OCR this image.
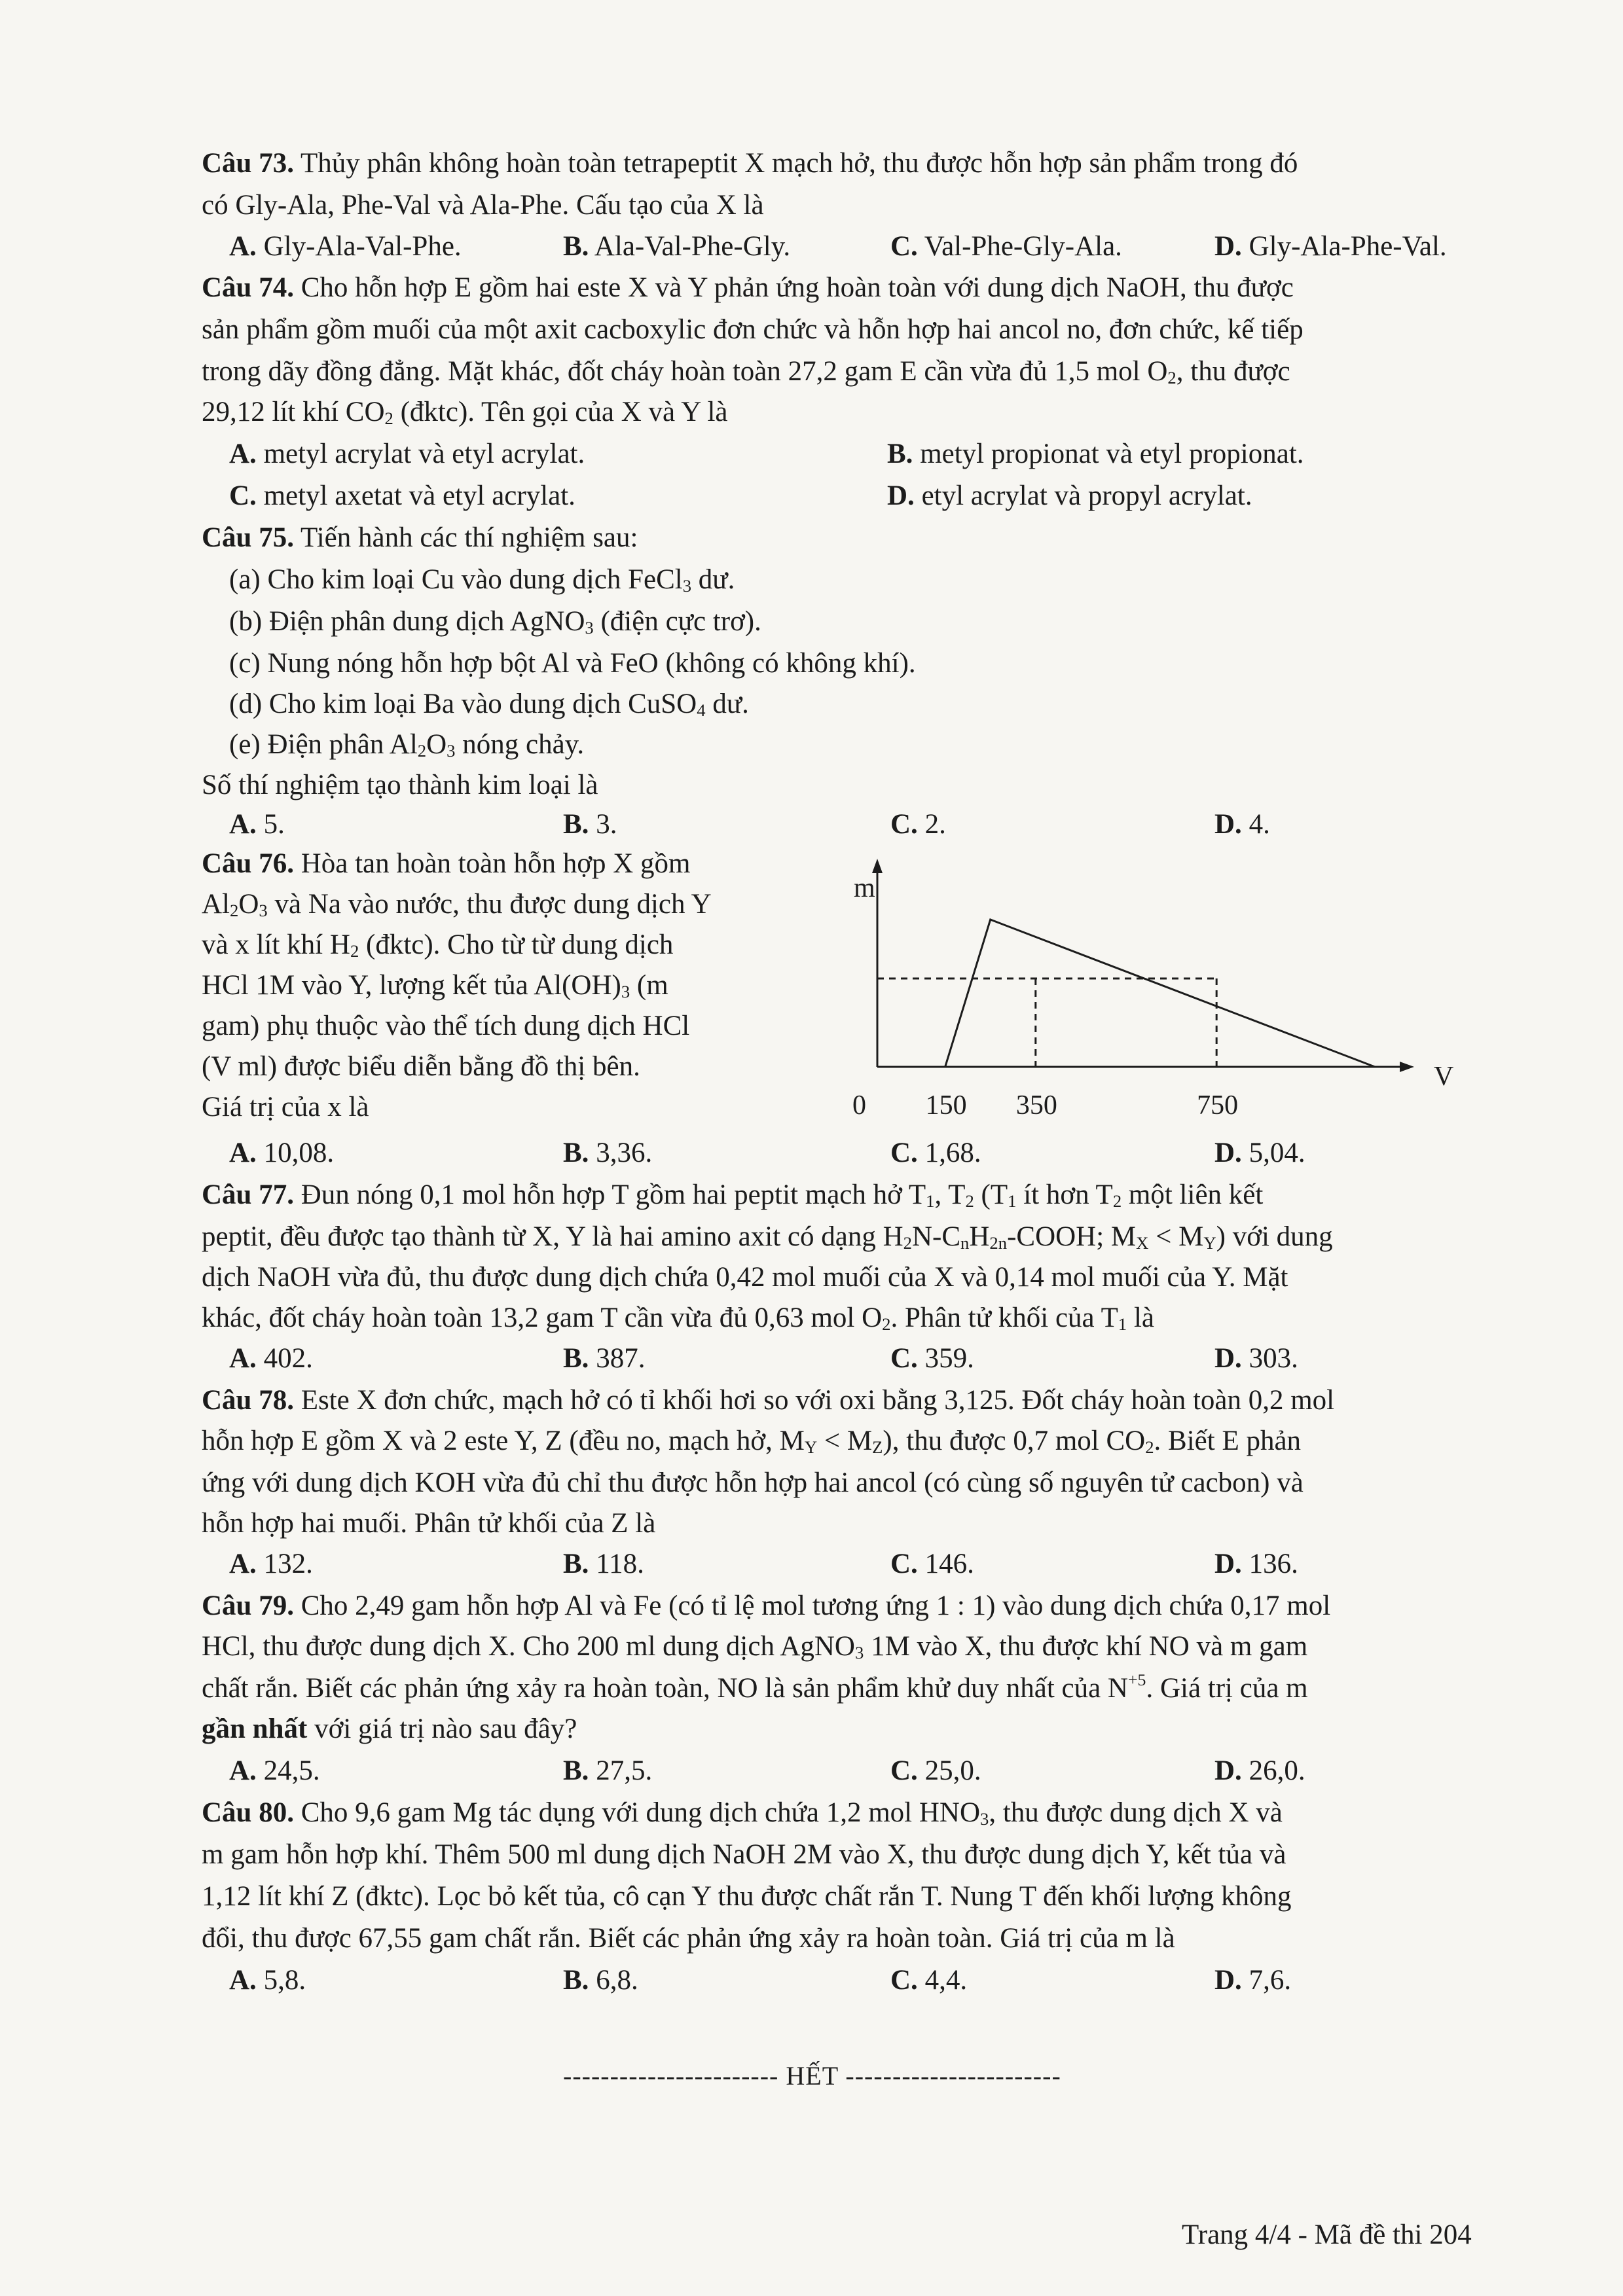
Câu 73. Thủy phân không hoàn toàn tetrapeptit X mạch hở, thu được hỗn hợp sản phẩm trong đó
có Gly-Ala, Phe-Val và Ala-Phe. Cấu tạo của X là
A. Gly-Ala-Val-Phe.	B. Ala-Val-Phe-Gly.	C. Val-Phe-Gly-Ala.	D. Gly-Ala-Phe-Val.
Câu 74. Cho hỗn hợp E gồm hai este X và Y phản ứng hoàn toàn với dung dịch NaOH, thu được
sản phẩm gồm muối của một axit cacboxylic đơn chức và hỗn hợp hai ancol no, đơn chức, kế tiếp
trong dãy đồng đẳng. Mặt khác, đốt cháy hoàn toàn 27,2 gam E cần vừa đủ 1,5 mol $O_2$, thu được
29,12 lít khí $CO_2$ (đktc). Tên gọi của X và Y là
A. metyl acrylat và etyl acrylat.	B. metyl propionat và etyl propionat.
C. metyl axetat và etyl acrylat.	D. etyl acrylat và propyl acrylat.
Câu 75. Tiến hành các thí nghiệm sau:
(a) Cho kim loại Cu vào dung dịch FeCl$_3$ dư.
(b) Điện phân dung dịch AgNO$_3$ (điện cực trơ).
(c) Nung nóng hỗn hợp bột Al và FeO (không có không khí).
(d) Cho kim loại Ba vào dung dịch CuSO$_4$ dư.
(e) Điện phân $Al_2O_3$ nóng chảy.
Số thí nghiệm tạo thành kim loại là
A. 5.	B. 3.	C. 2.	D. 4.
Câu 76. Hòa tan hoàn toàn hỗn hợp X gồm
$Al_2O_3$ và Na vào nước, thu được dung dịch Y
và x lít khí $H_2$ (đktc). Cho từ từ dung dịch
HCl 1M vào Y, lượng kết tủa $Al(OH)_3$ (m
gam) phụ thuộc vào thể tích dung dịch HCl
(V ml) được biểu diễn bằng đồ thị bên.
Giá trị của x là
m
V
0 150 350	750
A. 10,08.	B. 3,36.	C. 1,68.	D. 5,04.
Câu 77. Đun nóng 0,1 mol hỗn hợp T gồm hai peptit mạch hở $T_1$, $T_2$ ($T_1$ ít hơn $T_2$ một liên kết
peptit, đều được tạo thành từ X, Y là hai amino axit có dạng $H_2N-C_nH_{2n}$-COOH; $M_X < M_Y$) với dung
dịch NaOH vừa đủ, thu được dung dịch chứa 0,42 mol muối của X và 0,14 mol muối của Y. Mặt
khác, đốt cháy hoàn toàn 13,2 gam T cần vừa đủ 0,63 mol $O_2$. Phân tử khối của $T_1$ là
A. 402.	B. 387.	C. 359.	D. 303.
Câu 78. Este X đơn chức, mạch hở có tỉ khối hơi so với oxi bằng 3,125. Đốt cháy hoàn toàn 0,2 mol
hỗn hợp E gồm X và 2 este Y, Z (đều no, mạch hở, $M_Y < M_Z$), thu được 0,7 mol $CO_2$. Biết E phản
ứng với dung dịch KOH vừa đủ chỉ thu được hỗn hợp hai ancol (có cùng số nguyên tử cacbon) và
hỗn hợp hai muối. Phân tử khối của Z là
A. 132.	B. 118.	C. 146.	D. 136.
Câu 79. Cho 2,49 gam hỗn hợp Al và Fe (có tỉ lệ mol tương ứng 1 : 1) vào dung dịch chứa 0,17 mol
HCl, thu được dung dịch X. Cho 200 ml dung dịch AgNO$_3$ 1M vào X, thu được khí NO và m gam
chất rắn. Biết các phản ứng xảy ra hoàn toàn, NO là sản phẩm khử duy nhất của $N^{+5}$. Giá trị của m
gần nhất với giá trị nào sau đây?
A. 24,5.	B. 27,5.	C. 25,0.	D. 26,0.
Câu 80. Cho 9,6 gam Mg tác dụng với dung dịch chứa 1,2 mol $HNO_3$, thu được dung dịch X và
m gam hỗn hợp khí. Thêm 500 ml dung dịch NaOH 2M vào X, thu được dung dịch Y, kết tủa và
1,12 lít khí Z (đktc). Lọc bỏ kết tủa, cô cạn Y thu được chất rắn T. Nung T đến khối lượng không
đổi, thu được 67,55 gam chất rắn. Biết các phản ứng xảy ra hoàn toàn. Giá trị của m là
A. 5,8.	B. 6,8.	C. 4,4.	D. 7,6.
----------------------- HẾT -----------------------
Trang 4/4 - Mã đề thi 204
